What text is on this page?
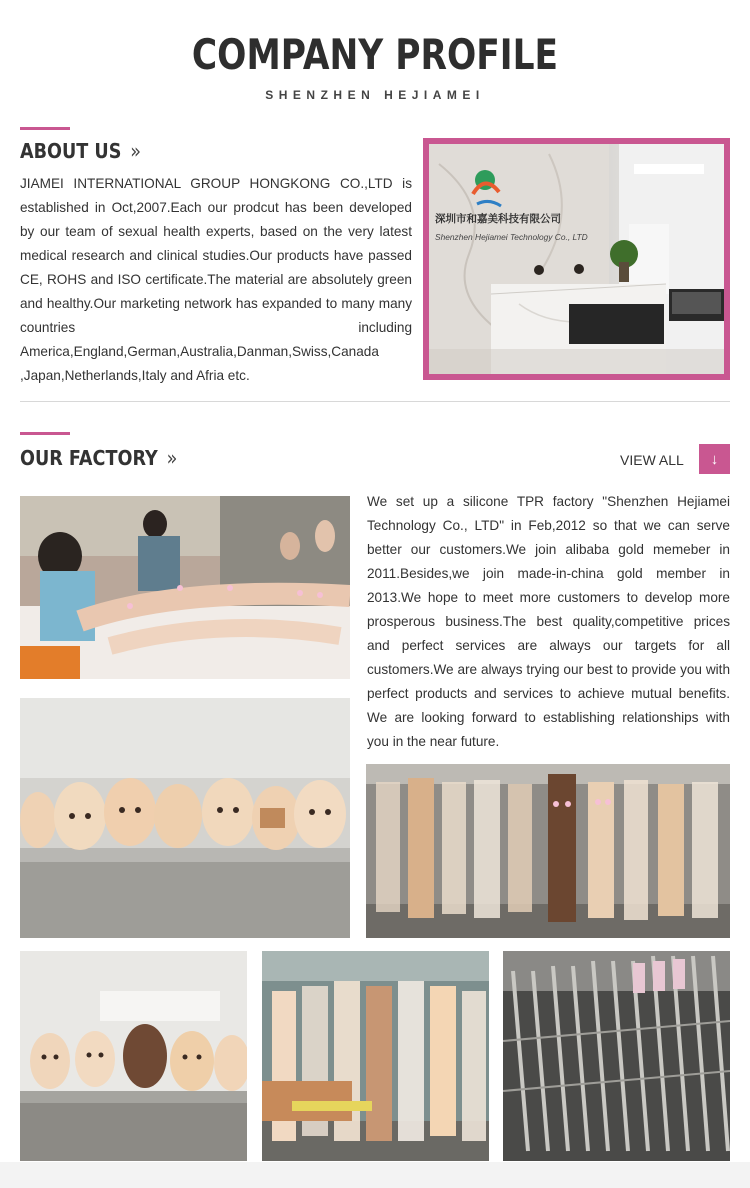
COMPANY PROFILE
SHENZHEN HEJIAMEI
ABOUT US »

JIAMEI INTERNATIONAL GROUP HONGKONG CO.,LTD is established in Oct,2007.Each our prodcut has been developed by our team of sexual health experts, based on the very latest medical research and clinical studies.Our products have passed CE, ROHS and ISO certificate.The material are absolutely green and healthy.Our marketing network has expanded to many many countries including America,England,German,Australia,Danman,Swiss,Canada ,Japan,Netherlands,Italy and Afria etc.

深圳市和嘉美科技有限公司
Shenzhen Hejiamei Technology Co., LTD
OUR FACTORY »	VIEW ALL ↓

We set up a silicone TPR factory "Shenzhen Hejiamei Technology Co., LTD" in Feb,2012 so that we can serve better our customers.We join alibaba gold memeber in 2011.Besides,we join made-in-china gold member in 2013.We hope to meet more customers to develop more prosperous business.The best quality,competitive prices and perfect services are always our targets for all customers.We are always trying our best to provide you with perfect products and services to achieve mutual benefits. We are looking forward to establishing relationships with you in the near future.
